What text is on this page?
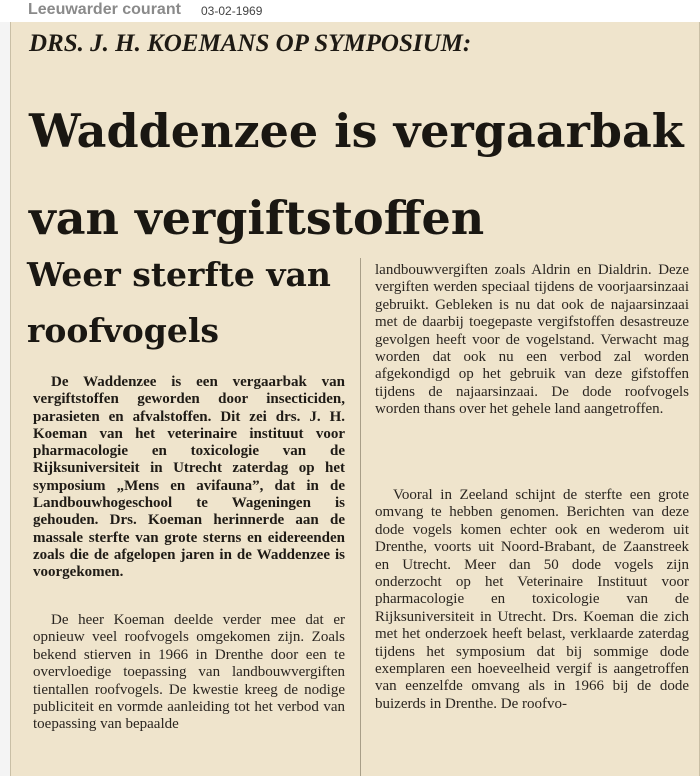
Leeuwarder courant 03-02-1969
DRS. J. H. KOEMANS OP SYMPOSIUM:
Waddenzee is vergaarbak van vergiftstoffen
Weer sterfte van roofvogels
De Waddenzee is een vergaarbak van vergiftstoffen geworden door insecticiden, parasieten en afvalstoffen. Dit zei drs. J. H. Koeman van het veterinaire instituut voor pharmacologie en toxicologie van de Rijksuniversiteit in Utrecht zaterdag op het symposium „Mens en avifauna”, dat in de Landbouwhogeschool te Wageningen is gehouden. Drs. Koeman herinnerde aan de massale sterfte van grote sterns en eidereenden zoals die de afgelopen jaren in de Waddenzee is voorgekomen.
De heer Koeman deelde verder mee dat er opnieuw veel roofvogels omgekomen zijn. Zoals bekend stierven in 1966 in Drenthe door een te overvloedige toepassing van landbouwvergiften tientallen roofvogels. De kwestie kreeg de nodige publiciteit en vormde aanleiding tot het verbod van toepassing van bepaalde
landbouwvergiften zoals Aldrin en Dialdrin. Deze vergiften werden speciaal tijdens de voorjaarsinzaai gebruikt. Gebleken is nu dat ook de najaarsinzaai met de daarbij toegepaste vergifstoffen desastreuze gevolgen heeft voor de vogelstand. Verwacht mag worden dat ook nu een verbod zal worden afgekondigd op het gebruik van deze gifstoffen tijdens de najaarsinzaai. De dode roofvogels worden thans over het gehele land aangetroffen.
Vooral in Zeeland schijnt de sterfte een grote omvang te hebben genomen. Berichten van deze dode vogels komen echter ook en wederom uit Drenthe, voorts uit Noord-Brabant, de Zaanstreek en Utrecht. Meer dan 50 dode vogels zijn onderzocht op het Veterinaire Instituut voor pharmacologie en toxicologie van de Rijksuniversiteit in Utrecht. Drs. Koeman die zich met het onderzoek heeft belast, verklaarde zaterdag tijdens het symposium dat bij sommige dode exemplaren een hoeveelheid vergif is aangetroffen van eenzelfde omvang als in 1966 bij de dode buizerds in Drenthe. De roofvo-
